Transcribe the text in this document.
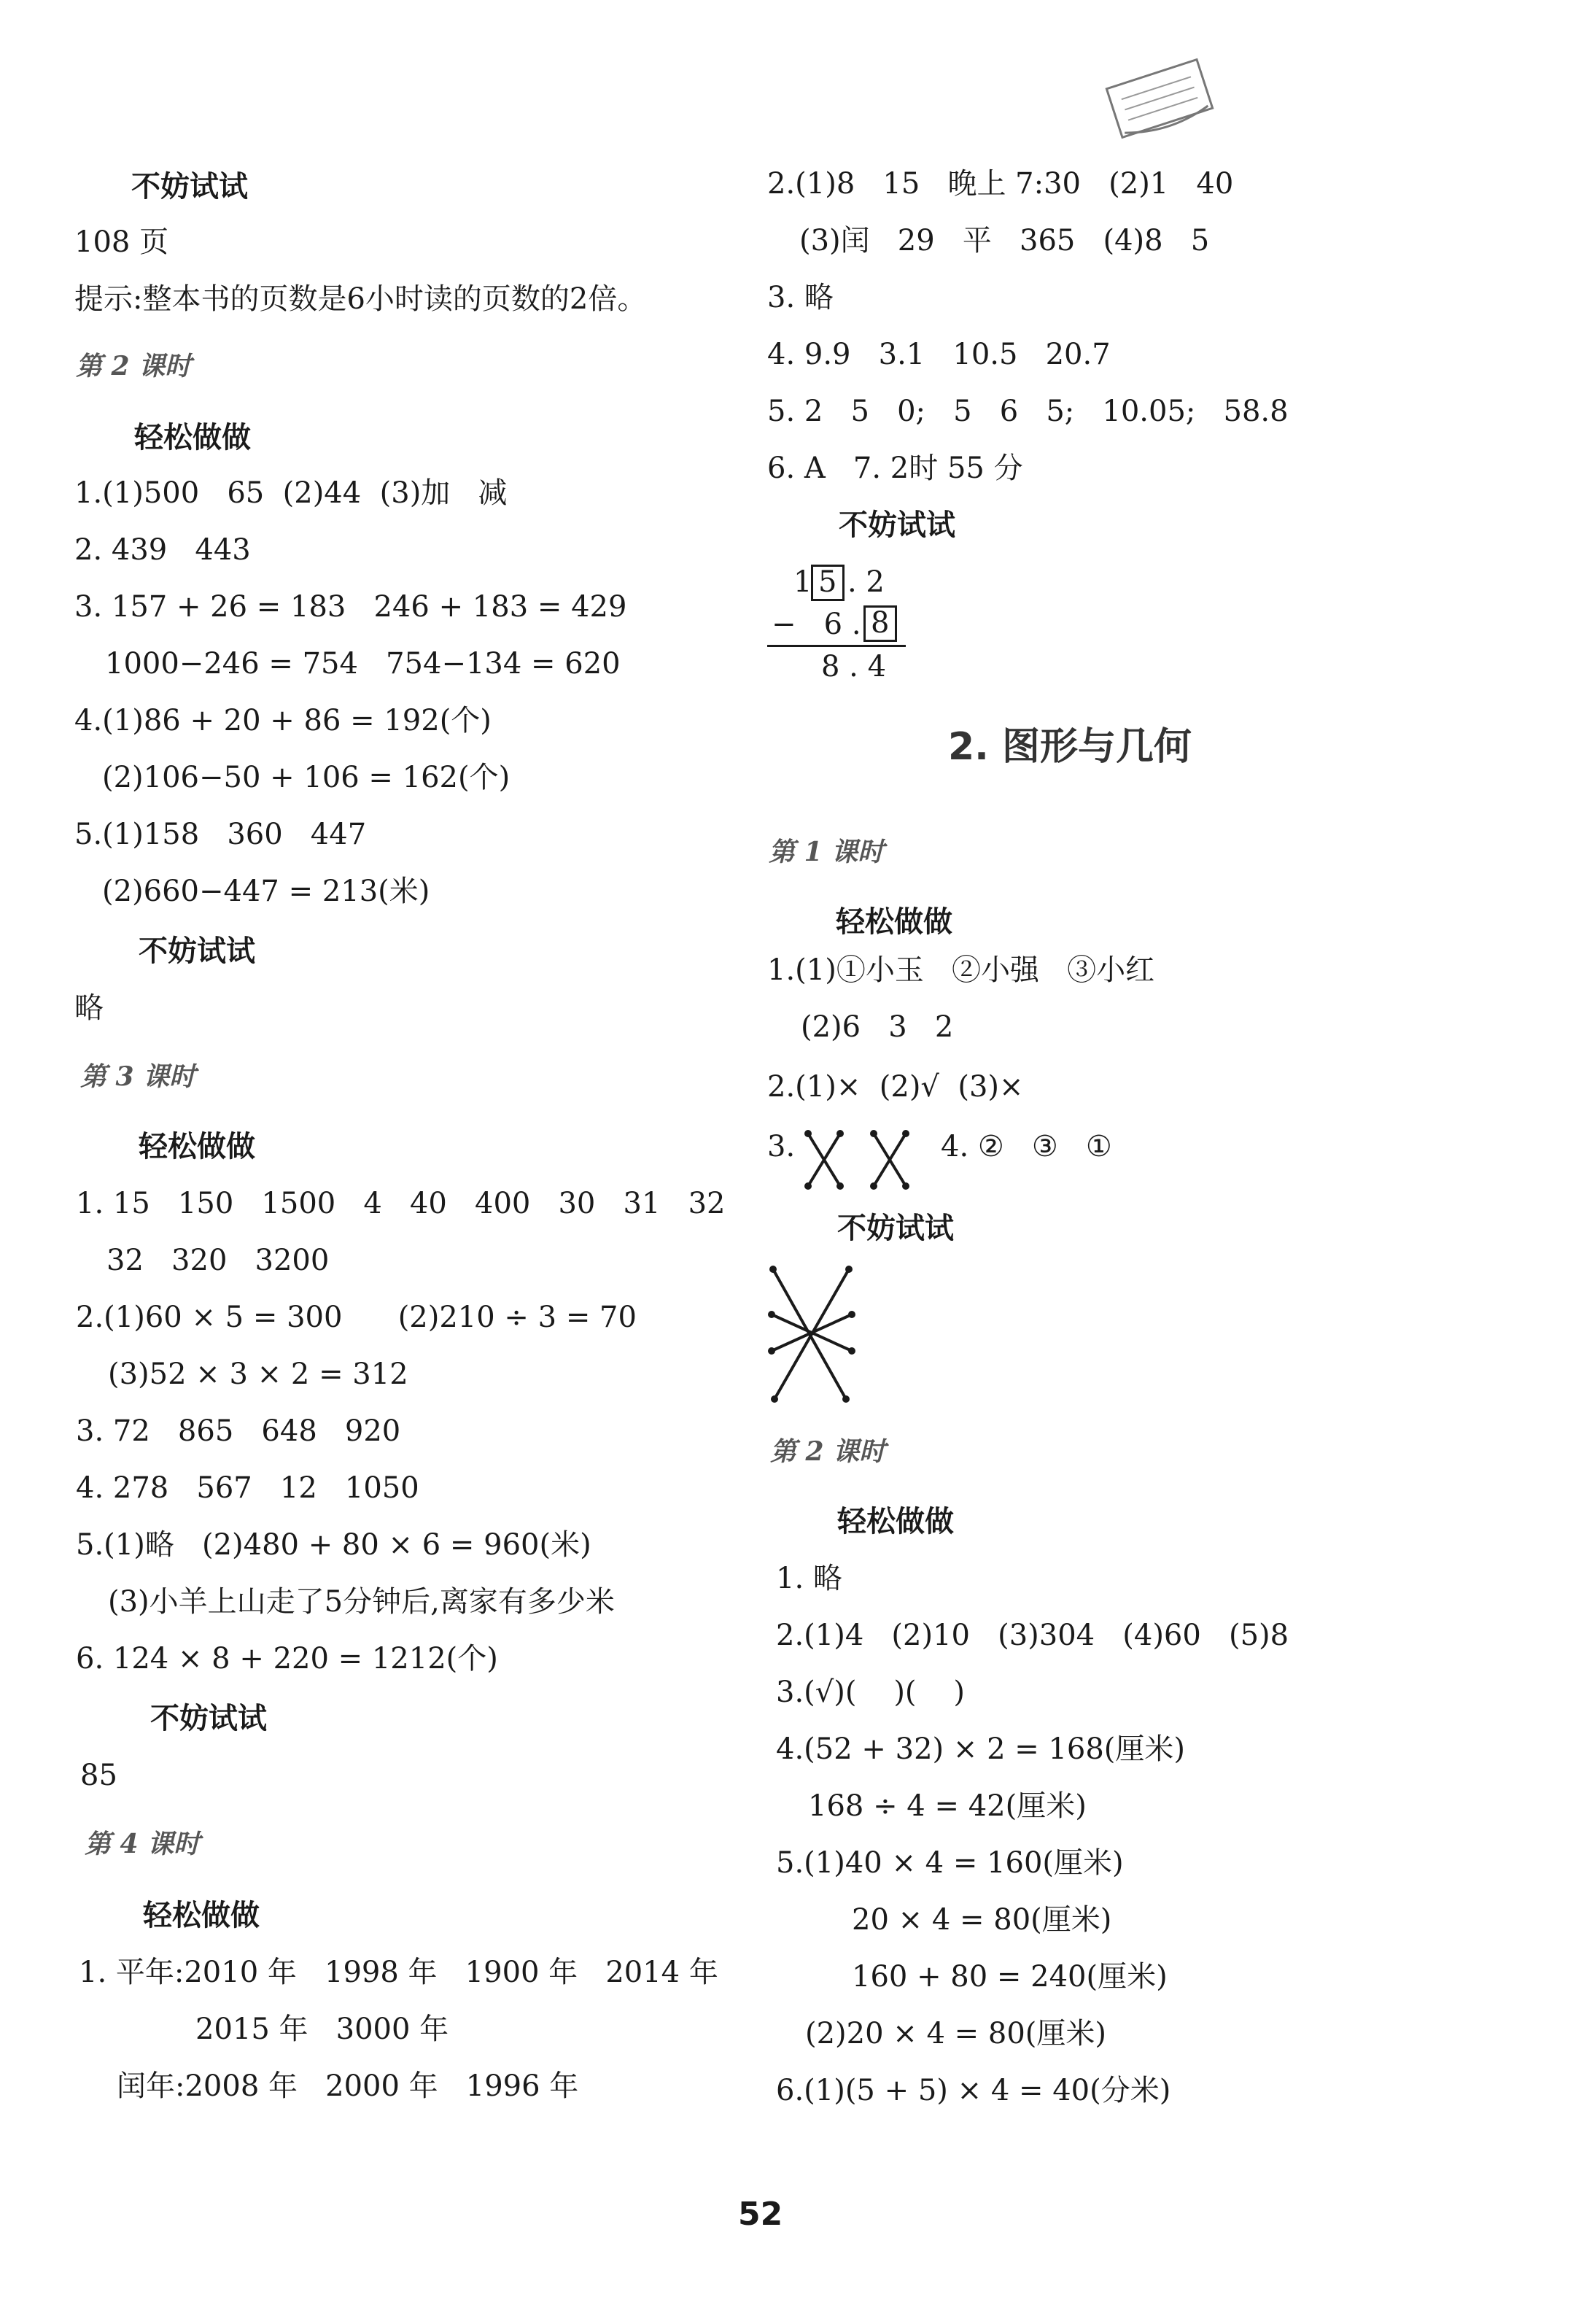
不妨试试
108 页
提示:整本书的页数是6小时读的页数的2倍。
第 2 课时
轻松做做
1.(1)500   65  (2)44  (3)加   减
2. 439   443
3. 157 + 26 = 183   246 + 183 = 429
1000−246 = 754   754−134 = 620
4.(1)86 + 20 + 86 = 192(个)
(2)106−50 + 106 = 162(个)
5.(1)158   360   447
(2)660−447 = 213(米)
不妨试试
略
第 3 课时
轻松做做
1. 15   150   1500   4   40   400   30   31   32
32   320   3200
2.(1)60 × 5 = 300      (2)210 ÷ 3 = 70
(3)52 × 3 × 2 = 312
3. 72   865   648   920
4. 278   567   12   1050
5.(1)略   (2)480 + 80 × 6 = 960(米)
(3)小羊上山走了5分钟后,离家有多少米
6. 124 × 8 + 220 = 1212(个)
不妨试试
85
第 4 课时
轻松做做
1. 平年:2010 年   1998 年   1900 年   2014 年
2015 年   3000 年
闰年:2008 年   2000 年   1996 年
2.(1)8   15   晚上 7:30   (2)1   40
(3)闰   29   平   365   (4)8   5
3. 略
4. 9.9   3.1   10.5   20.7
5. 2   5   0;   5   6   5;   10.05;   58.8
6. A   7. 2时 55 分
不妨试试
1 5 . 2
−   6 . 8
8 . 4
2. 图形与几何
第 1 课时
轻松做做
1.(1)①小玉   ②小强   ③小红
(2)6   3   2
2.(1)×  (2)√  (3)×
3.	4. ②   ③   ①
不妨试试
第 2 课时
轻松做做
1. 略
2.(1)4   (2)10   (3)304   (4)60   (5)8
3.(√)(    )(    )
4.(52 + 32) × 2 = 168(厘米)
168 ÷ 4 = 42(厘米)
5.(1)40 × 4 = 160(厘米)
20 × 4 = 80(厘米)
160 + 80 = 240(厘米)
(2)20 × 4 = 80(厘米)
6.(1)(5 + 5) × 4 = 40(分米)
52
